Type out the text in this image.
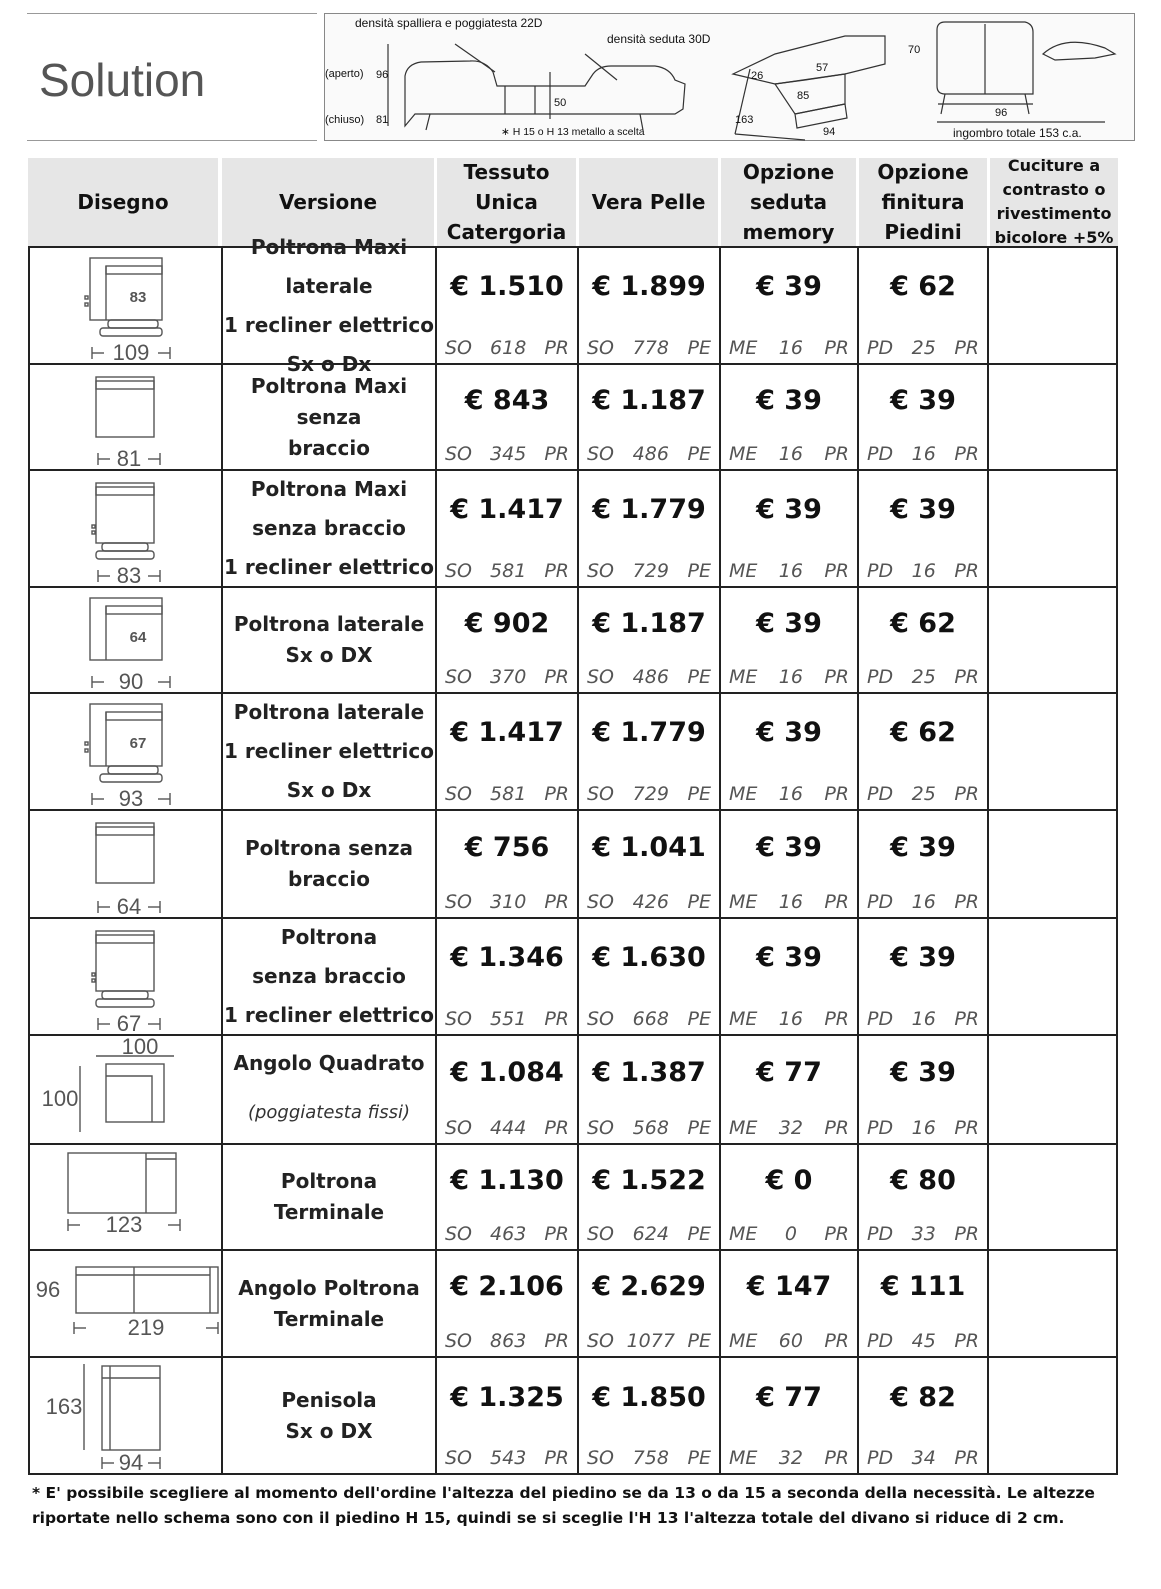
Solution
densità spalliera e poggiatesta 22D
densità seduta 30D
(aperto) 96
(chiuso) 81
50
∗ H 15 o H 13 metallo a scelta
26
57
85
163
94
70
96
ingombro totale 153 c.a.
Disegno	Versione
Tessuto Unica Catergoria
Vera Pelle
Opzione seduta memory
Opzione finitura Piedini
Cuciture a contrasto o rivestimento bicolore +5%
83
109
Poltrona Maxi laterale
1 recliner elettrico
Sx o Dx
€ 1.510
SO 618 PR
€ 1.899
SO 778 PE
€ 39
ME 16 PR
€ 62
PD 25 PR
81
Poltrona Maxi senza
braccio
€ 843
SO 345 PR
€ 1.187
SO 486 PE
€ 39
ME 16 PR
€ 39
PD 16 PR
83
Poltrona Maxi
senza braccio
1 recliner elettrico
€ 1.417
SO 581 PR
€ 1.779
SO 729 PE
€ 39
ME 16 PR
€ 39
PD 16 PR
64
90
Poltrona laterale
Sx o DX
€ 902
SO 370 PR
€ 1.187
SO 486 PE
€ 39
ME 16 PR
€ 62
PD 25 PR
67
93
Poltrona laterale
1 recliner elettrico
Sx o Dx
€ 1.417
SO 581 PR
€ 1.779
SO 729 PE
€ 39
ME 16 PR
€ 62
PD 25 PR
64
Poltrona senza
braccio
€ 756
SO 310 PR
€ 1.041
SO 426 PE
€ 39
ME 16 PR
€ 39
PD 16 PR
67
Poltrona
senza braccio
1 recliner elettrico
€ 1.346
SO 551 PR
€ 1.630
SO 668 PE
€ 39
ME 16 PR
€ 39
PD 16 PR
100
100
Angolo Quadrato
(poggiatesta fissi)
€ 1.084
SO 444 PR
€ 1.387
SO 568 PE
€ 77
ME 32 PR
€ 39
PD 16 PR
123
Poltrona Terminale
€ 1.130
SO 463 PR
€ 1.522
SO 624 PE
€ 0
ME 0 PR
€ 80
PD 33 PR
96
219
Angolo Poltrona
Terminale
€ 2.106
SO 863 PR
€ 2.629
SO 1077 PE
€ 147
ME 60 PR
€ 111
PD 45 PR
163
94
Penisola
Sx o DX
€ 1.325
SO 543 PR
€ 1.850
SO 758 PE
€ 77
ME 32 PR
€ 82
PD 34 PR
* E' possibile scegliere al momento dell'ordine l'altezza del piedino se da 13 o da 15 a seconda della necessità. Le altezze
riportate nello schema sono con il piedino H 15, quindi se si sceglie l'H 13 l'altezza totale del divano si riduce di 2 cm.
